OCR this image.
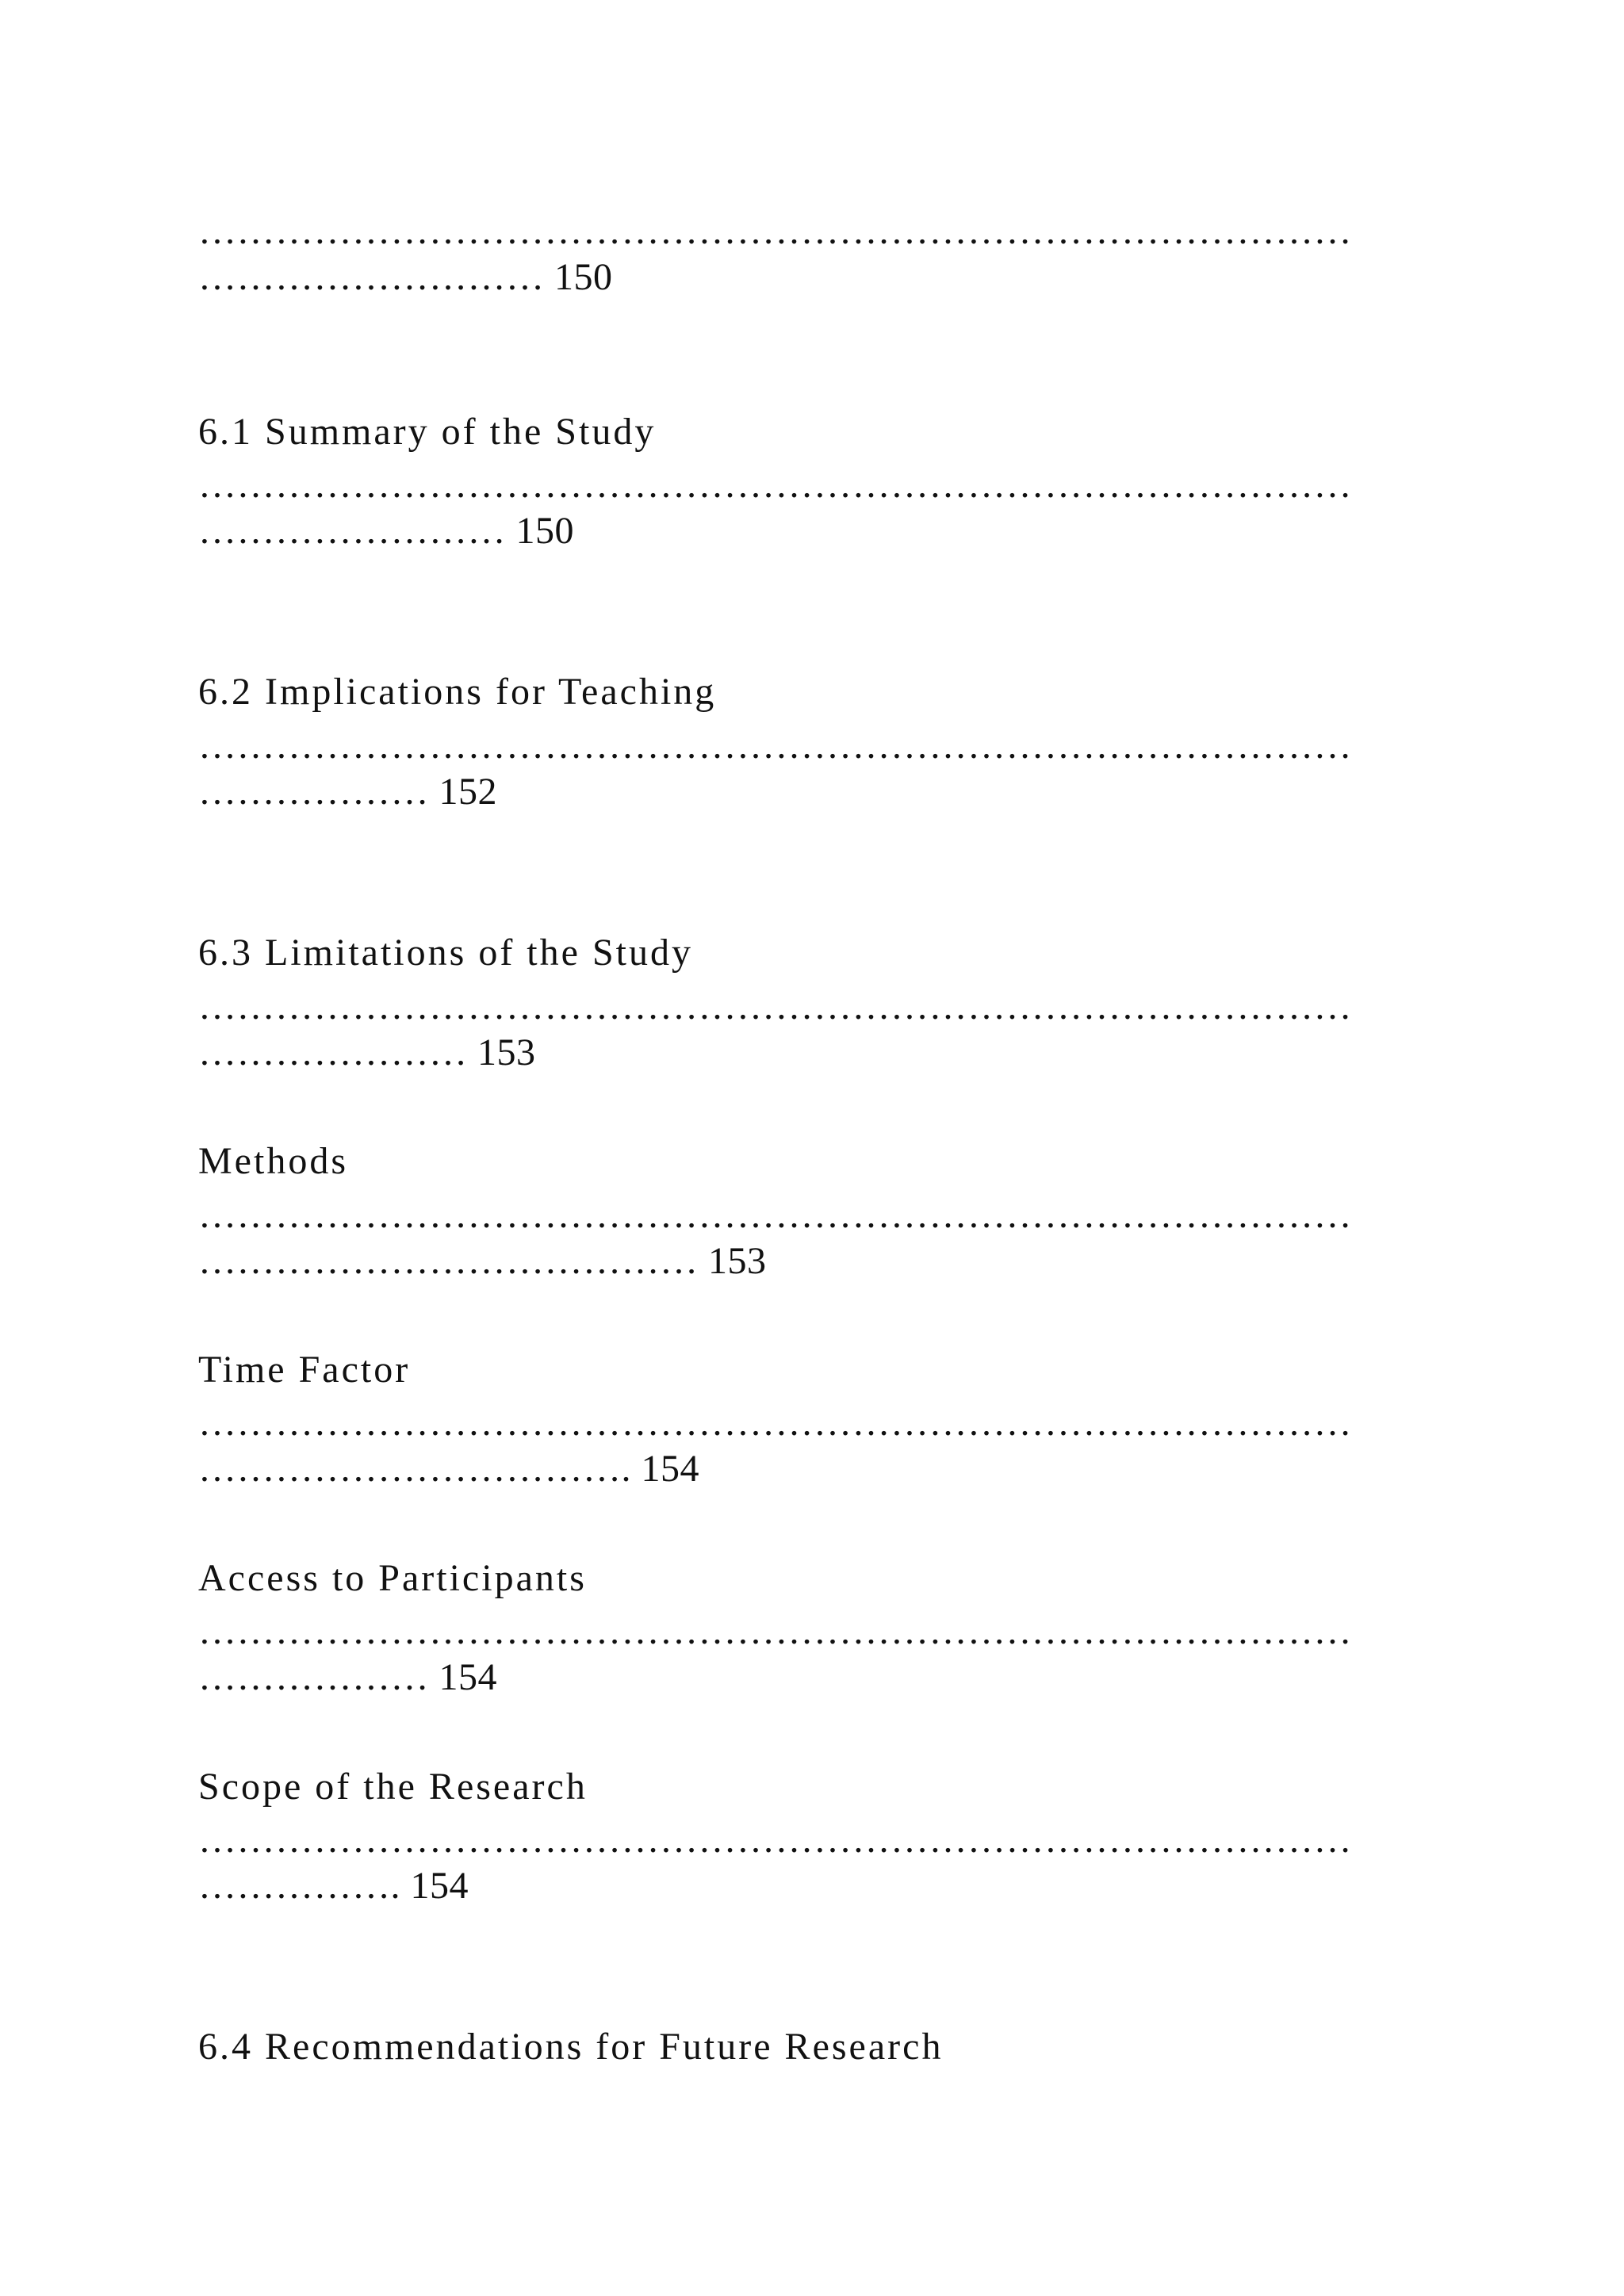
………………………………………………………………………………
……………………… 150
6.1 Summary of the Study
………………………………………………………………………………
…………………… 150
6.2 Implications for Teaching
………………………………………………………………………………
……………… 152
6.3 Limitations of the Study
………………………………………………………………………………
………………… 153
Methods
………………………………………………………………………………
………………………………… 153
Time Factor
………………………………………………………………………………
……………………………. 154
Access to Participants
………………………………………………………………………………
……………… 154
Scope of the Research
………………………………………………………………………………
……………. 154
6.4 Recommendations for Future Research
